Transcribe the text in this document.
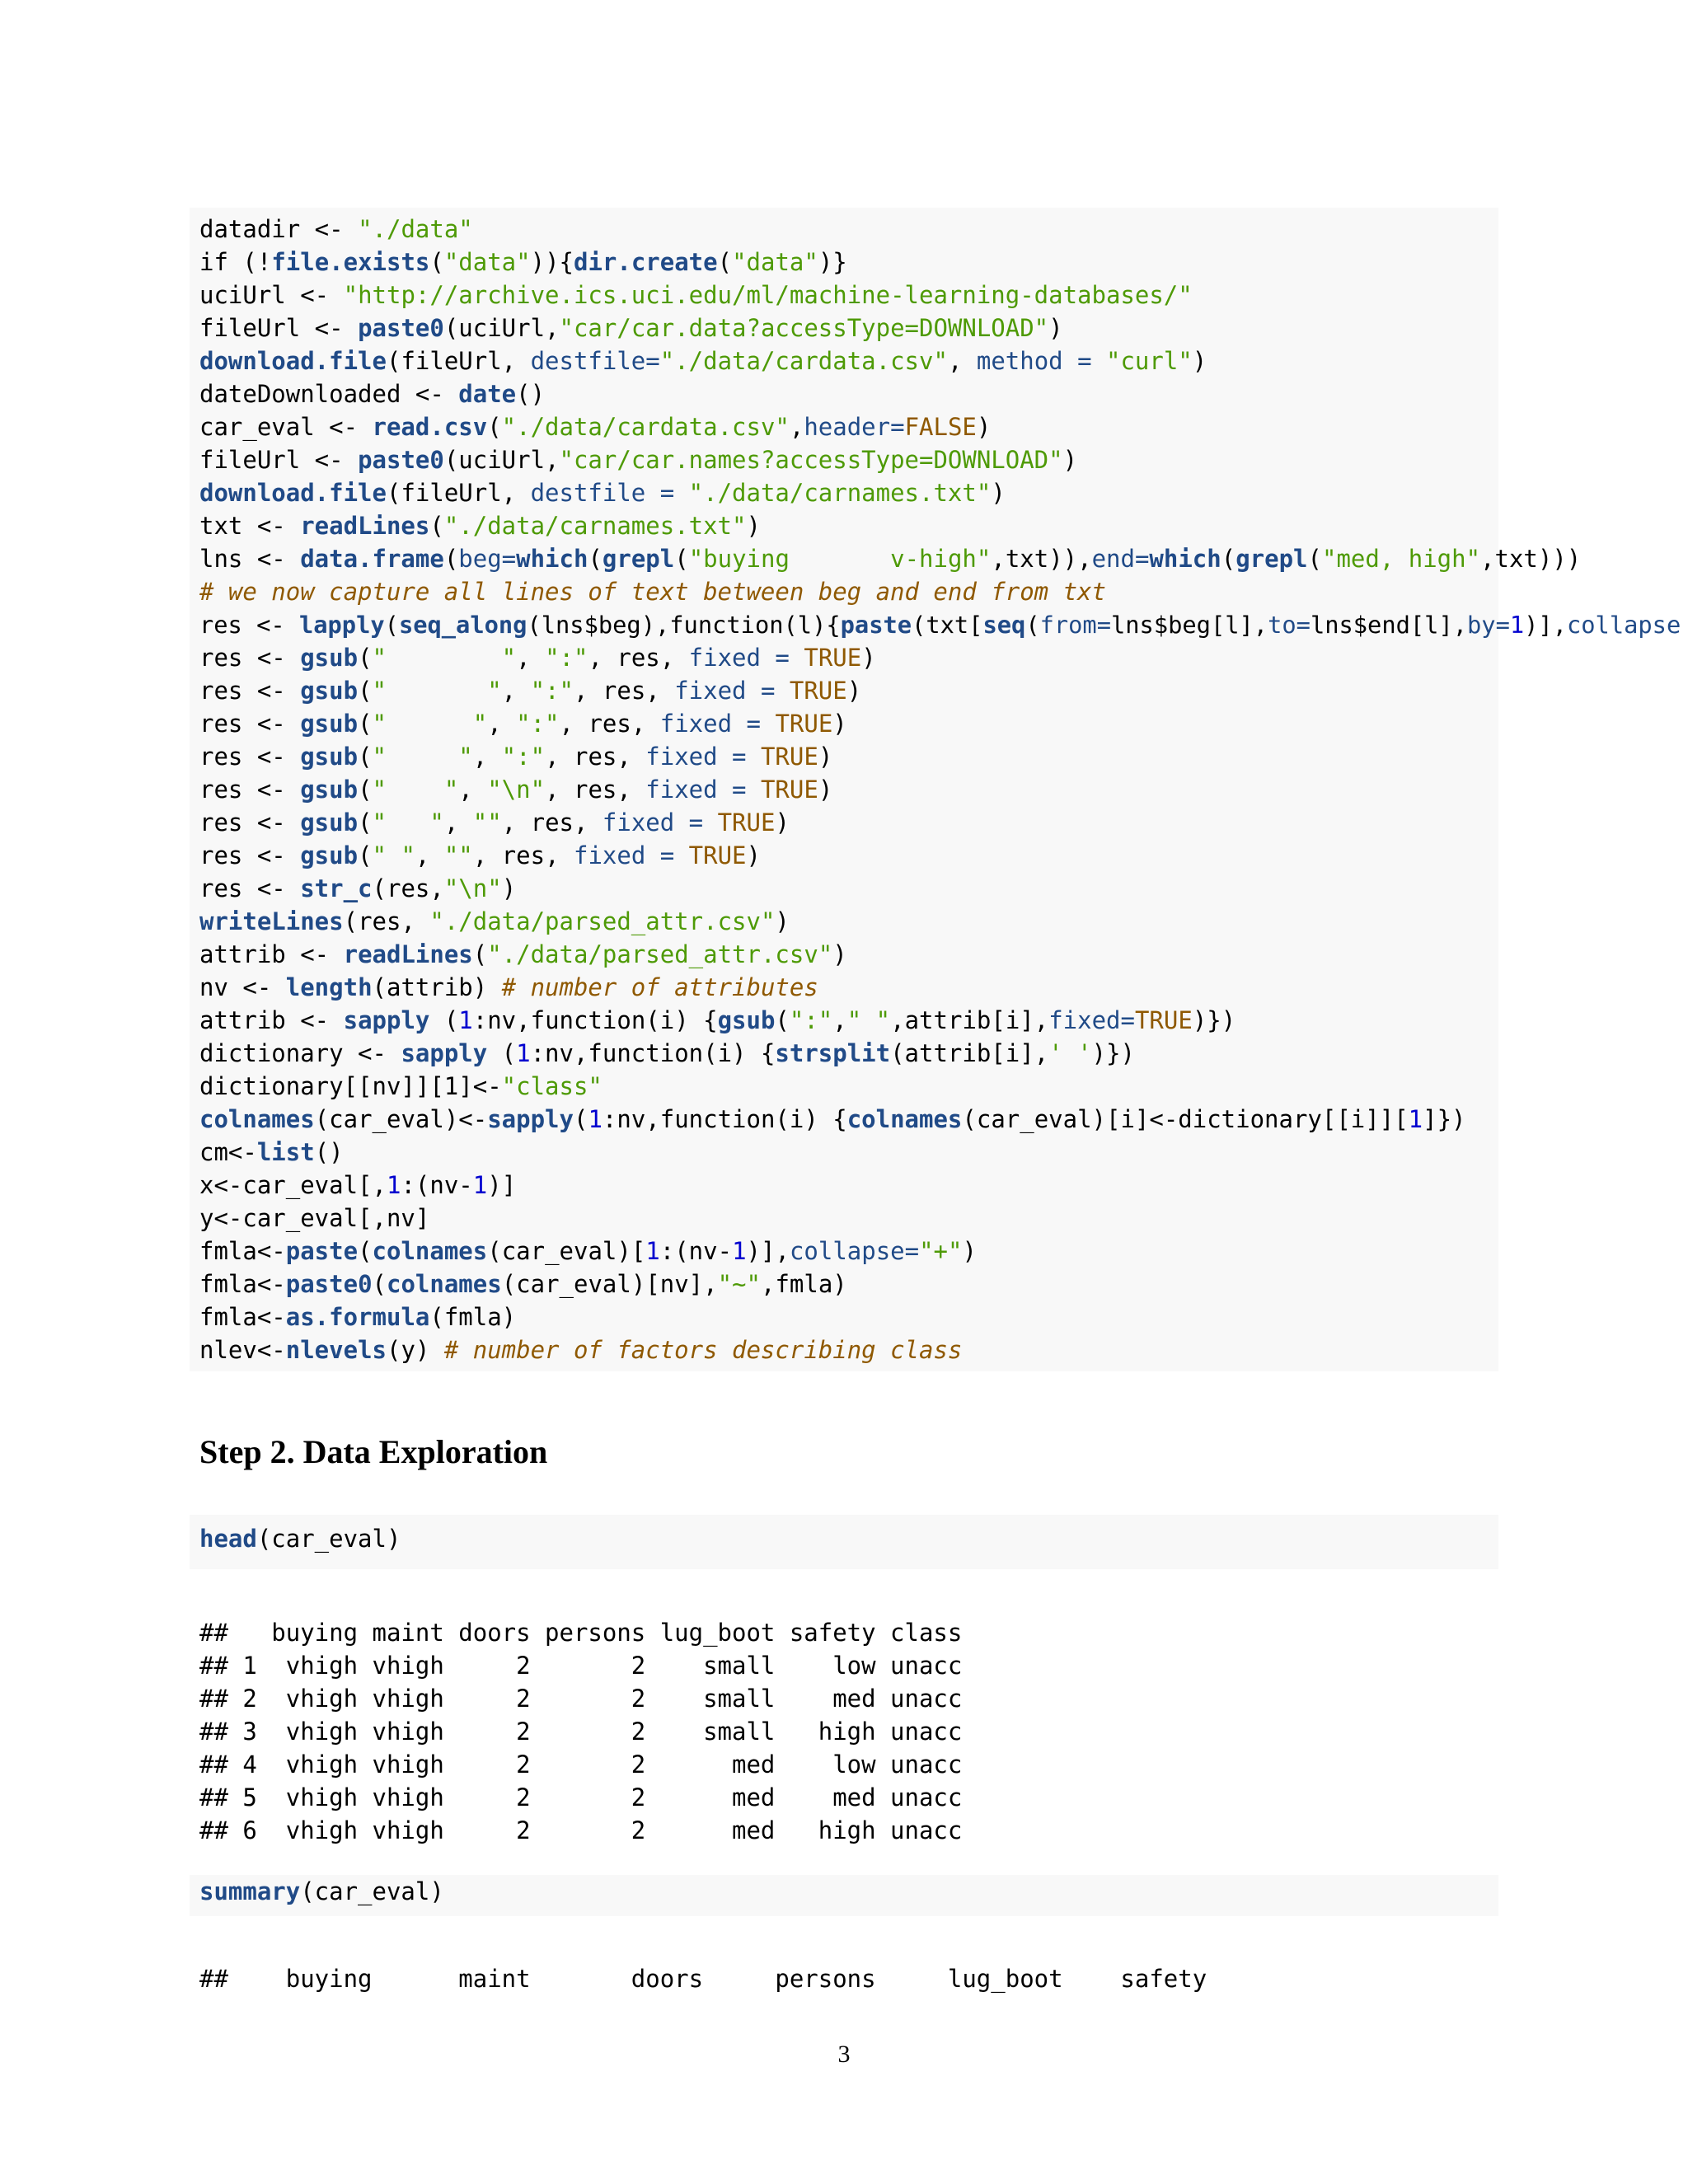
datadir <- "./data"
if (!file.exists("data")){dir.create("data")}
uciUrl <- "http://archive.ics.uci.edu/ml/machine-learning-databases/"
fileUrl <- paste0(uciUrl,"car/car.data?accessType=DOWNLOAD")
download.file(fileUrl, destfile="./data/cardata.csv", method = "curl")
dateDownloaded <- date()
car_eval <- read.csv("./data/cardata.csv",header=FALSE)
fileUrl <- paste0(uciUrl,"car/car.names?accessType=DOWNLOAD")
download.file(fileUrl, destfile = "./data/carnames.txt")
txt <- readLines("./data/carnames.txt")
lns <- data.frame(beg=which(grepl("buying       v-high",txt)),end=which(grepl("med, high",txt)))
# we now capture all lines of text between beg and end from txt
res <- lapply(seq_along(lns$beg),function(l){paste(txt[seq(from=lns$beg[l],to=lns$end[l],by=1)],collapse
res <- gsub("        ", ":", res, fixed = TRUE)
res <- gsub("       ", ":", res, fixed = TRUE)
res <- gsub("      ", ":", res, fixed = TRUE)
res <- gsub("     ", ":", res, fixed = TRUE)
res <- gsub("    ", "\n", res, fixed = TRUE)
res <- gsub("   ", "", res, fixed = TRUE)
res <- gsub(" ", "", res, fixed = TRUE)
res <- str_c(res,"\n")
writeLines(res, "./data/parsed_attr.csv")
attrib <- readLines("./data/parsed_attr.csv")
nv <- length(attrib) # number of attributes
attrib <- sapply (1:nv,function(i) {gsub(":"," ",attrib[i],fixed=TRUE)})
dictionary <- sapply (1:nv,function(i) {strsplit(attrib[i],' ')})
dictionary[[nv]][1]<-"class"
colnames(car_eval)<-sapply(1:nv,function(i) {colnames(car_eval)[i]<-dictionary[[i]][1]})
cm<-list()
x<-car_eval[,1:(nv-1)]
y<-car_eval[,nv]
fmla<-paste(colnames(car_eval)[1:(nv-1)],collapse="+")
fmla<-paste0(colnames(car_eval)[nv],"~",fmla)
fmla<-as.formula(fmla)
nlev<-nlevels(y) # number of factors describing class
Step 2. Data Exploration
head(car_eval)
##   buying maint doors persons lug_boot safety class
## 1  vhigh vhigh     2       2    small    low unacc
## 2  vhigh vhigh     2       2    small    med unacc
## 3  vhigh vhigh     2       2    small   high unacc
## 4  vhigh vhigh     2       2      med    low unacc
## 5  vhigh vhigh     2       2      med    med unacc
## 6  vhigh vhigh     2       2      med   high unacc
summary(car_eval)
##    buying      maint       doors     persons     lug_boot    safety
3
